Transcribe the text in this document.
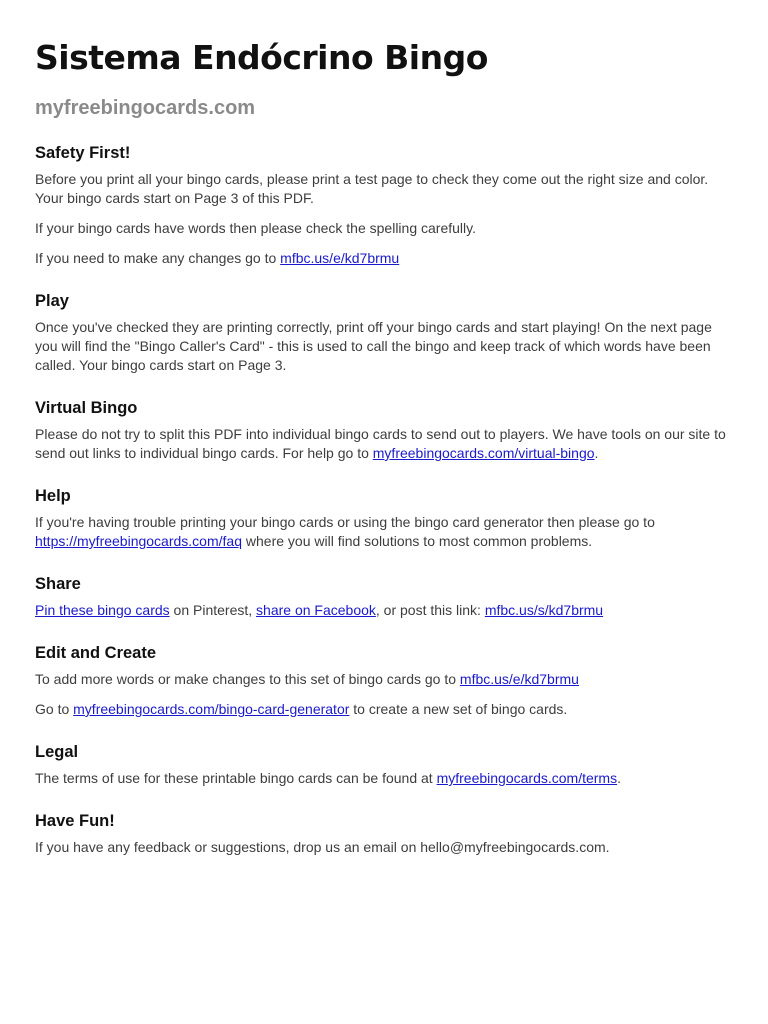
Sistema Endócrino Bingo
myfreebingocards.com
Safety First!

Before you print all your bingo cards, please print a test page to check they come out the right size and color. Your bingo cards start on Page 3 of this PDF.

If your bingo cards have words then please check the spelling carefully.

If you need to make any changes go to mfbc.us/e/kd7brmu

Play

Once you've checked they are printing correctly, print off your bingo cards and start playing! On the next page you will find the "Bingo Caller's Card" - this is used to call the bingo and keep track of which words have been called. Your bingo cards start on Page 3.

Virtual Bingo

Please do not try to split this PDF into individual bingo cards to send out to players. We have tools on our site to send out links to individual bingo cards. For help go to myfreebingocards.com/virtual-bingo.

Help

If you're having trouble printing your bingo cards or using the bingo card generator then please go to https://myfreebingocards.com/faq where you will find solutions to most common problems.

Share

Pin these bingo cards on Pinterest, share on Facebook, or post this link: mfbc.us/s/kd7brmu

Edit and Create

To add more words or make changes to this set of bingo cards go to mfbc.us/e/kd7brmu

Go to myfreebingocards.com/bingo-card-generator to create a new set of bingo cards.

Legal

The terms of use for these printable bingo cards can be found at myfreebingocards.com/terms.

Have Fun!

If you have any feedback or suggestions, drop us an email on hello@myfreebingocards.com.
